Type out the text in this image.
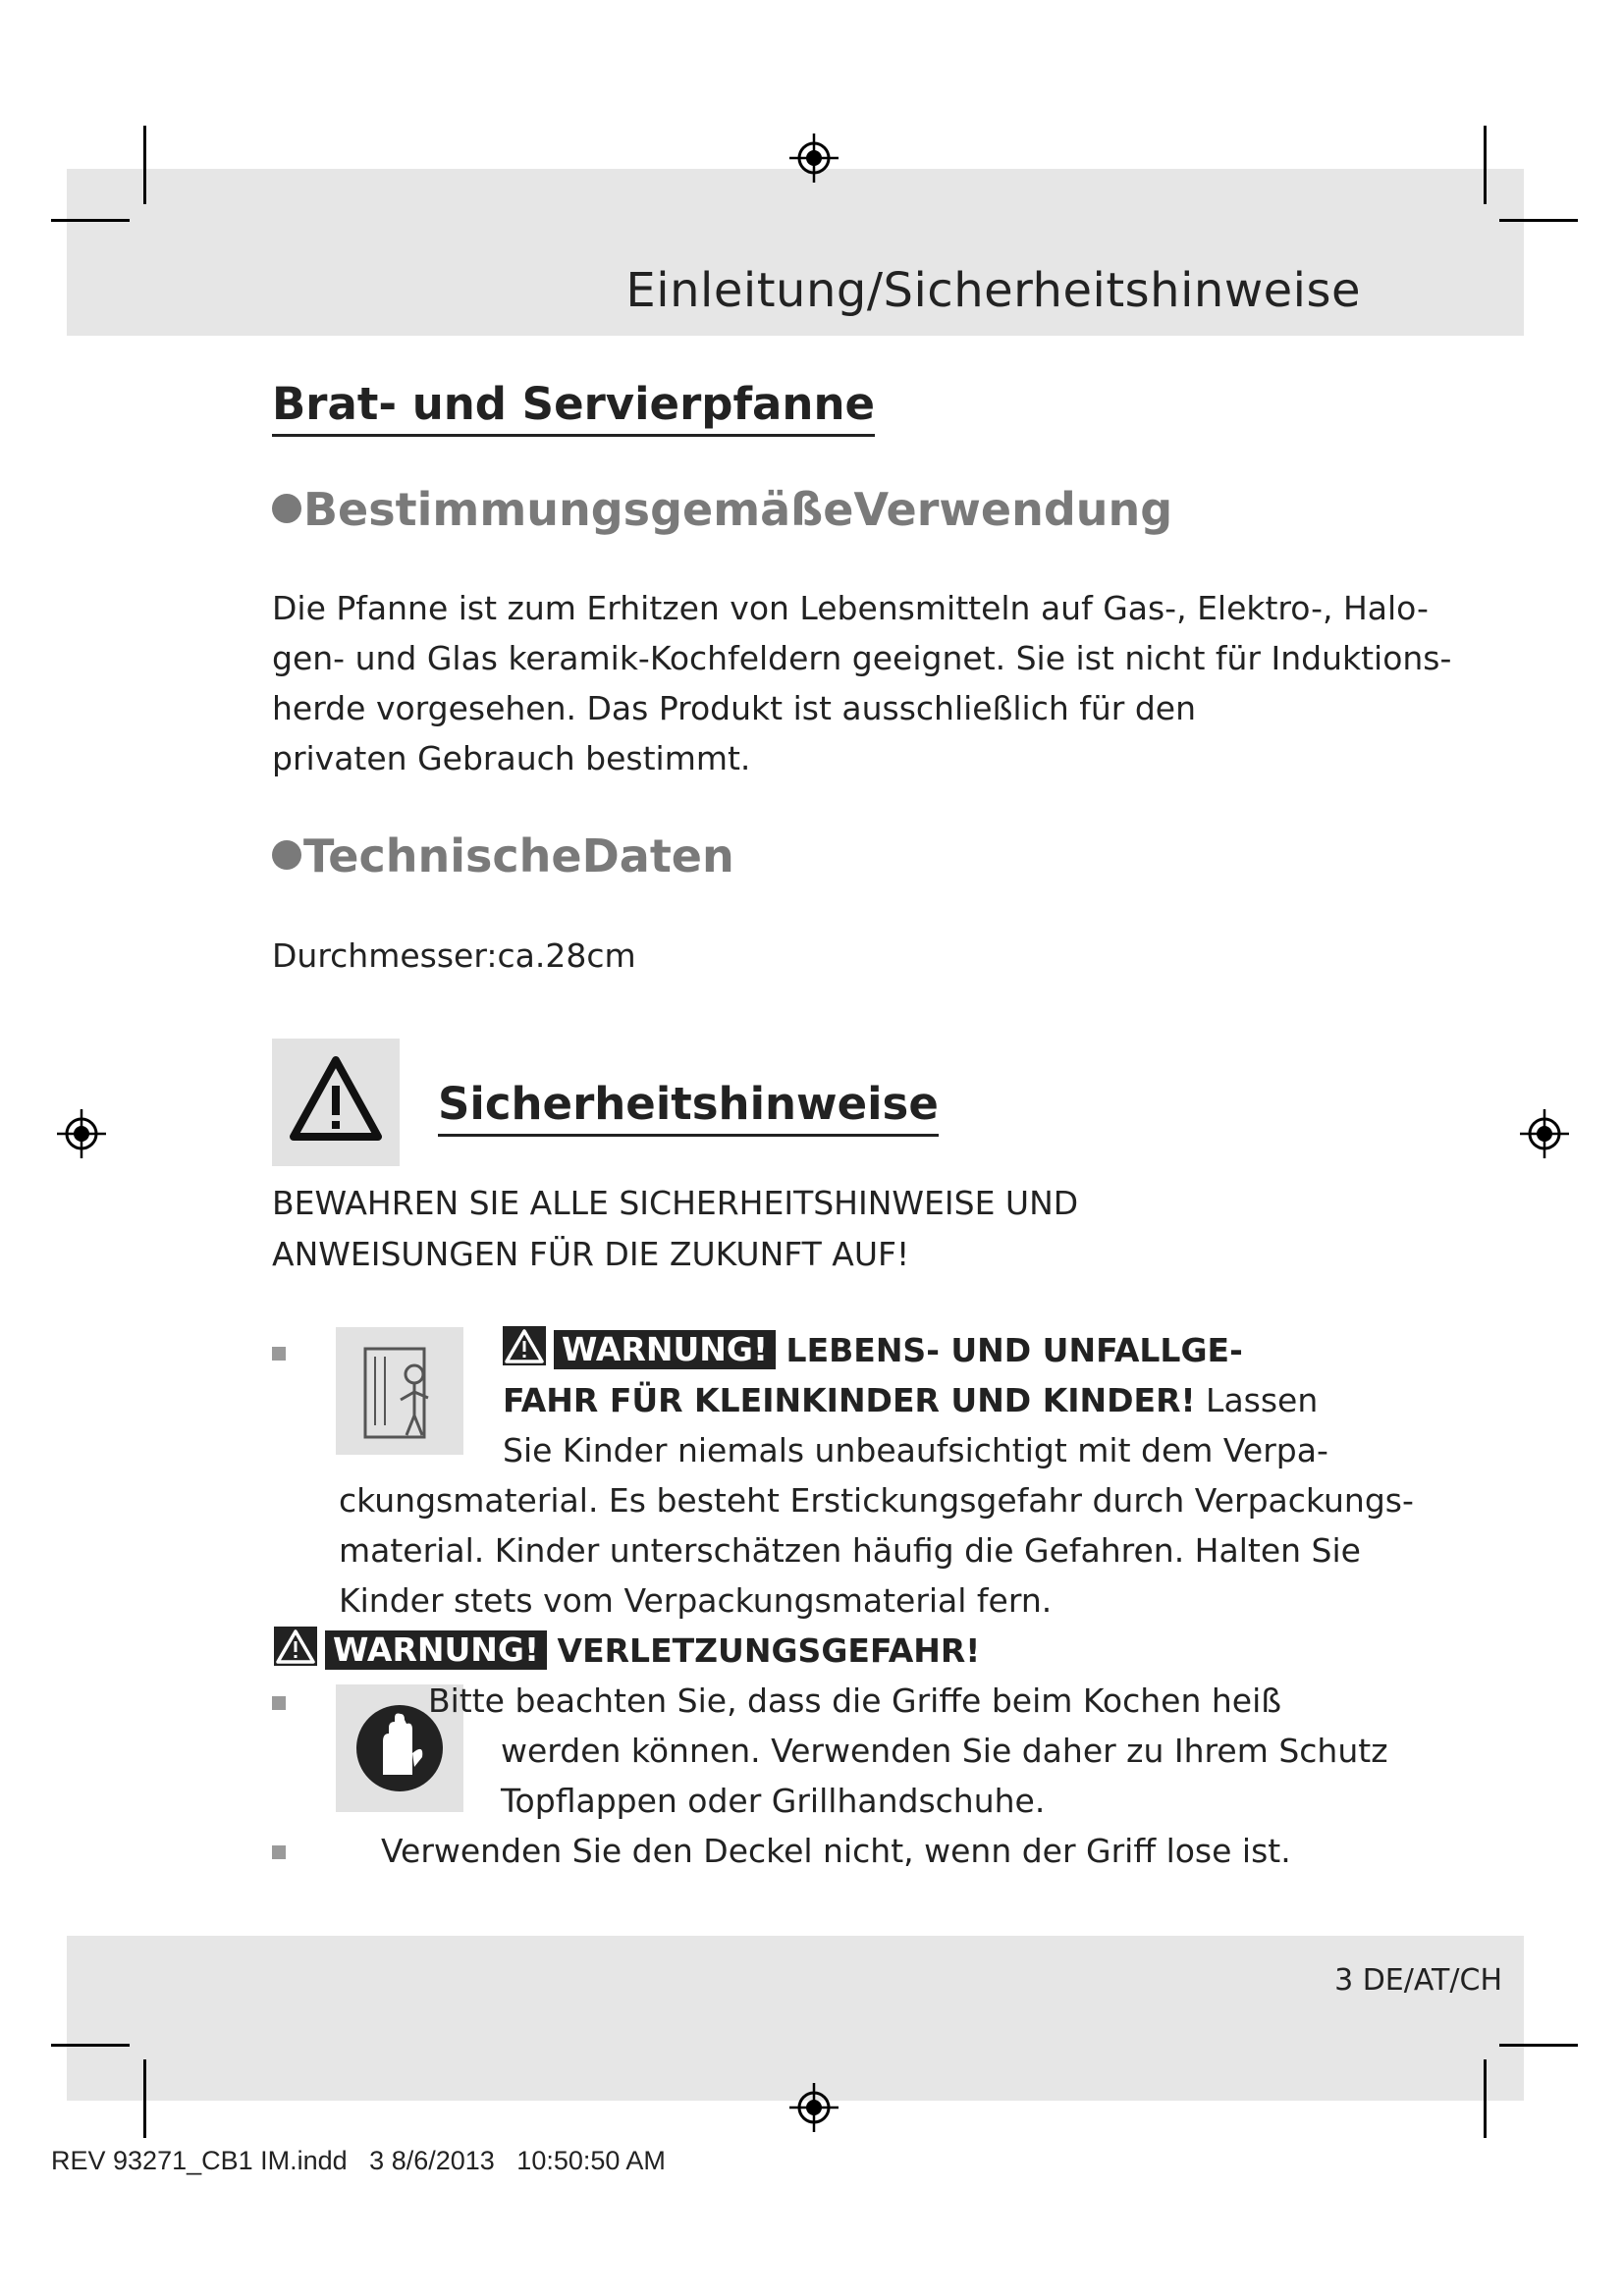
Einleitung/Sicherheitshinweise
Brat- und Servierpfanne
BestimmungsgemäßeVerwendung
Die Pfanne ist zum Erhitzen von Lebensmitteln auf Gas-, Elektro-, Halo-
gen- und Glas keramik-Kochfeldern geeignet. Sie ist nicht für Induktions-
herde vorgesehen. Das Produkt ist ausschließlich für den
privaten Gebrauch bestimmt.
TechnischeDaten
Durchmesser:ca.28cm
Sicherheitshinweise
BEWAHREN SIE ALLE SICHERHEITSHINWEISE UND
ANWEISUNGEN FÜR DIE ZUKUNFT AUF!
WARNUNG! LEBENS- UND UNFALLGE-
FAHR FÜR KLEINKINDER UND KINDER! Lassen
Sie Kinder niemals unbeaufsichtigt mit dem Verpa-
ckungsmaterial. Es besteht Erstickungsgefahr durch Verpackungs-
material. Kinder unterschätzen häufig die Gefahren. Halten Sie
Kinder stets vom Verpackungsmaterial fern.
WARNUNG! VERLETZUNGSGEFAHR!
Bitte beachten Sie, dass die Griffe beim Kochen heiß
werden können. Verwenden Sie daher zu Ihrem Schutz
Topflappen oder Grillhandschuhe.
Verwenden Sie den Deckel nicht, wenn der Griff lose ist.
3 DE/AT/CH
REV 93271_CB1 IM.indd   3 8/6/2013   10:50:50 AM
